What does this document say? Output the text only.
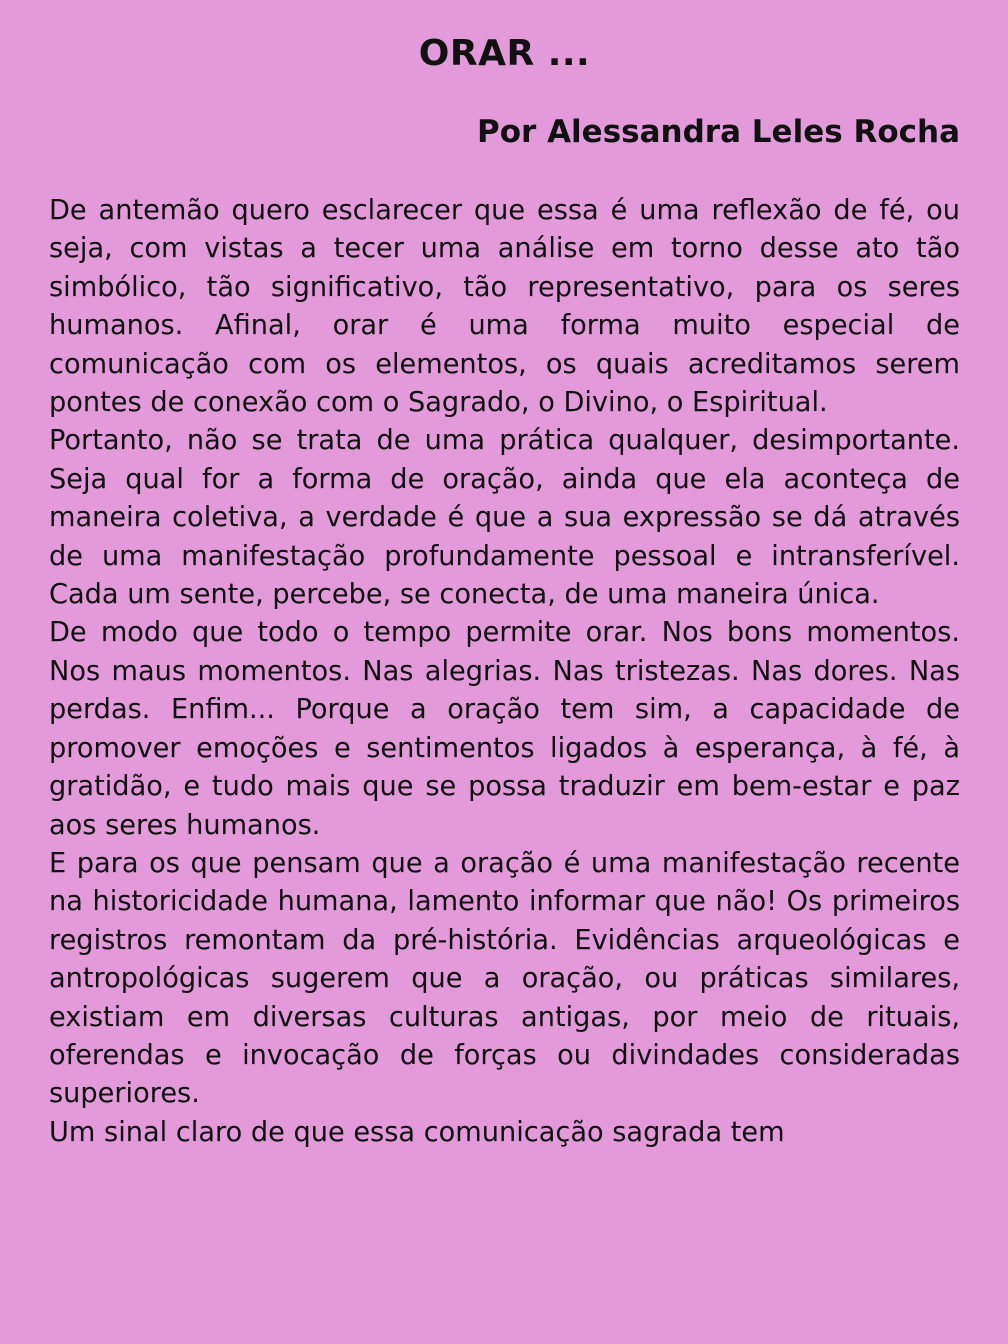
ORAR ...
Por Alessandra Leles Rocha

De antemão quero esclarecer que essa é uma reflexão de fé, ou seja, com vistas a tecer uma análise em torno desse ato tão simbólico, tão significativo, tão representativo, para os seres humanos. Afinal, orar é uma forma muito especial de comunicação com os elementos, os quais acreditamos serem pontes de conexão com o Sagrado, o Divino, o Espiritual.

Portanto, não se trata de uma prática qualquer, desimportante. Seja qual for a forma de oração, ainda que ela aconteça de maneira coletiva, a verdade é que a sua expressão se dá através de uma manifestação profundamente pessoal e intransferível. Cada um sente, percebe, se conecta, de uma maneira única.

De modo que todo o tempo permite orar. Nos bons momentos. Nos maus momentos. Nas alegrias. Nas tristezas. Nas dores. Nas perdas. Enfim... Porque a oração tem sim, a capacidade de promover emoções e sentimentos ligados à esperança, à fé, à gratidão, e tudo mais que se possa traduzir em bem-estar e paz aos seres humanos.

E para os que pensam que a oração é uma manifestação recente na historicidade humana, lamento informar que não! Os primeiros registros remontam da pré-história. Evidências arqueológicas e antropológicas sugerem que a oração, ou práticas similares, existiam em diversas culturas antigas, por meio de rituais, oferendas e invocação de forças ou divindades consideradas superiores.

Um sinal claro de que essa comunicação sagrada tem
